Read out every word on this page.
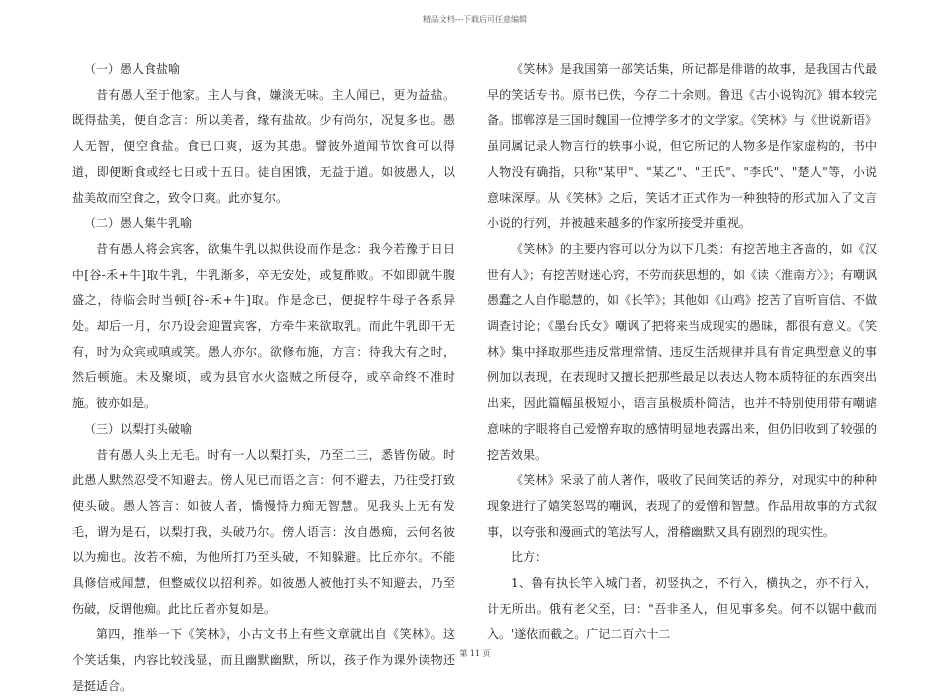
精品文档---下载后可任意编辑

（一）愚人食盐喻

昔有愚人至于他家。主人与食，嫌淡无味。主人闻已，更为益盐。既得盐美，便自念言：所以美者，缘有盐故。少有尚尔，况复多也。愚人无智，便空食盐。食已口爽，返为其患。譬彼外道闻节饮食可以得道，即便断食或经七日或十五日。徒自困饿，无益于道。如彼愚人，以盐美故而空食之，致令口爽。此亦复尔。

（二）愚人集牛乳喻

昔有愚人将会宾客，欲集牛乳以拟供设而作是念：我今若豫于日日中[谷-禾+牛]取牛乳，牛乳渐多，卒无安处，或复酢败。不如即就牛腹盛之，待临会时当顿[谷-禾+牛]取。作是念已，便捉牸牛母子各系异处。却后一月，尔乃设会迎置宾客，方牵牛来欲取乳。而此牛乳即干无有，时为众宾或嗔或笑。愚人亦尔。欲修布施，方言：待我大有之时，然后顿施。未及聚顷，或为县官水火盗贼之所侵夺，或卒命终不准时施。彼亦如是。

（三）以梨打头破喻

昔有愚人头上无毛。时有一人以梨打头，乃至二三，悉皆伤破。时此愚人默然忍受不知避去。傍人见已而语之言：何不避去，乃往受打致使头破。愚人答言：如彼人者，憍慢恃力痴无智慧。见我头上无有发毛，谓为是石，以梨打我，头破乃尔。傍人语言：汝自愚痴，云何名彼以为痴也。汝若不痴，为他所打乃至头破，不知躲避。比丘亦尔。不能具修信戒闻慧，但整威仪以招利养。如彼愚人被他打头不知避去，乃至伤破，反谓他痴。此比丘者亦复如是。

第四，推举一下《笑林》，小古文书上有些文章就出自《笑林》。这个笑话集，内容比较浅显，而且幽默幽默，所以，孩子作为课外读物还是挺适合。

《笑林》是我国第一部笑话集，所记都是俳谐的故事，是我国古代最早的笑话专书。原书已佚，今存二十余则。鲁迅《古小说钩沉》辑本较完备。邯郸淳是三国时魏国一位博学多才的文学家。《笑林》与《世说新语》虽同属记录人物言行的轶事小说，但它所记的人物多是作家虚构的，书中人物没有确指，只称"某甲"、"某乙"、"王氏"、"李氏"、"楚人"等，小说意味深厚。从《笑林》之后，笑话才正式作为一种独特的形式加入了文言小说的行列，并被越来越多的作家所接受并重视。

《笑林》的主要内容可以分为以下几类：有挖苦地主吝啬的，如《汉世有人》；有挖苦财迷心窍，不劳而获思想的，如《读〈淮南方〉》；有嘲讽愚蠢之人自作聪慧的，如《长竿》；其他如《山鸡》挖苦了盲听盲信、不做调查讨论；《墨台氏女》嘲讽了把将来当成现实的愚昧，都很有意义。《笑林》集中择取那些违反常理常情、违反生活规律并具有肯定典型意义的事例加以表现，在表现时又擅长把那些最足以表达人物本质特征的东西突出出来，因此篇幅虽极短小，语言虽极质朴简洁，也并不特别使用带有嘲谑意味的字眼将自己爱憎弃取的感情明显地表露出来，但仍旧收到了较强的挖苦效果。

《笑林》采录了前人著作，吸收了民间笑话的养分，对现实中的种种现象进行了嬉笑怒骂的嘲讽，表现了的爱憎和智慧。作品用故事的方式叙事，以夸张和漫画式的笔法写人，滑稽幽默又具有剧烈的现实性。

比方：

1、鲁有执长竿入城门者，初竖执之，不行入，横执之，亦不行入，计无所出。俄有老父至，曰："吾非圣人，但见事多矣。何不以锯中截而入。'遂依而截之。广记二百六十二

第 11 页
